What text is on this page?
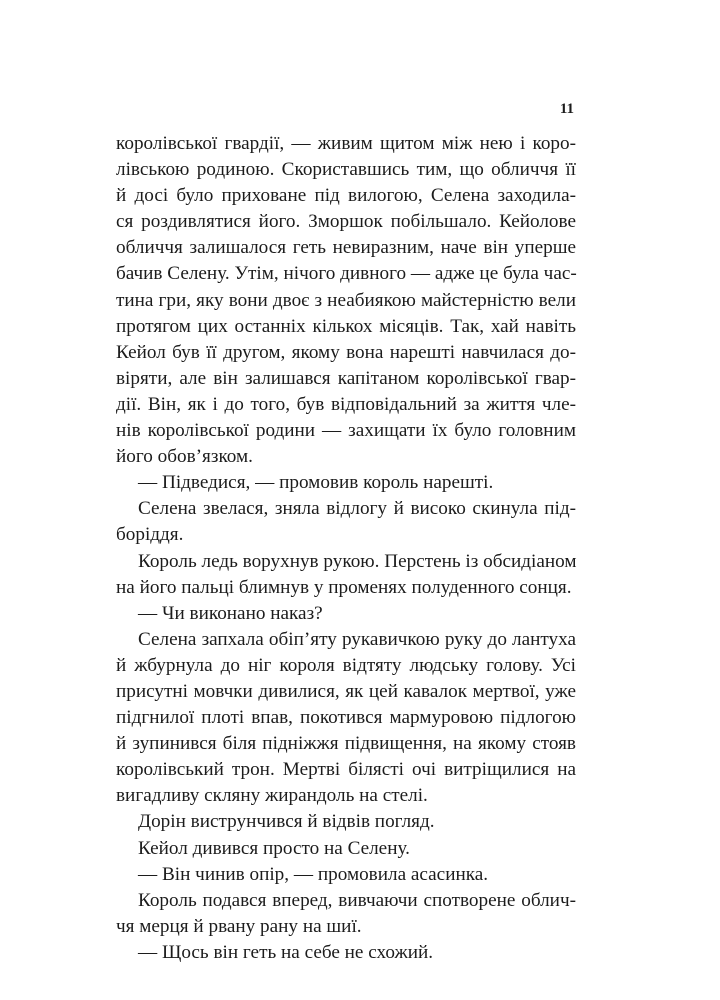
11
королівської гвардії, — живим щитом між нею і коро-
лівською родиною. Скориставшись тим, що обличчя її
й досі було приховане під вилогою, Селена заходила-
ся роздивлятися його. Зморшок побільшало. Кейолове
обличчя залишалося геть невиразним, наче він уперше
бачив Селену. Утім, нічого дивного — адже це була час-
тина гри, яку вони двоє з неабиякою майстерністю вели
протягом цих останніх кількох місяців. Так, хай навіть
Кейол був її другом, якому вона нарешті навчилася до-
віряти, але він залишався капітаном королівської гвар-
дії. Він, як і до того, був відповідальний за життя чле-
нів королівської родини — захищати їх було головним
його обов’язком.
— Підведися, — промовив король нарешті.
Селена звелася, зняла відлогу й високо скинула під-
боріддя.
Король ледь ворухнув рукою. Перстень із обсидіаном
на його пальці блимнув у променях полуденного сонця.
— Чи виконано наказ?
Селена запхала обіп’яту рукавичкою руку до лантуха
й жбурнула до ніг короля відтяту людську голову. Усі
присутні мовчки дивилися, як цей кавалок мертвої, уже
підгнилої плоті впав, покотився мармуровою підлогою
й зупинився біля підніжжя підвищення, на якому стояв
королівський трон. Мертві білясті очі витріщилися на
вигадливу скляну жирандоль на стелі.
Дорін виструнчився й відвів погляд.
Кейол дивився просто на Селену.
— Він чинив опір, — промовила асасинка.
Король подався вперед, вивчаючи спотворене облич-
чя мерця й рвану рану на шиї.
— Щось він геть на себе не схожий.
